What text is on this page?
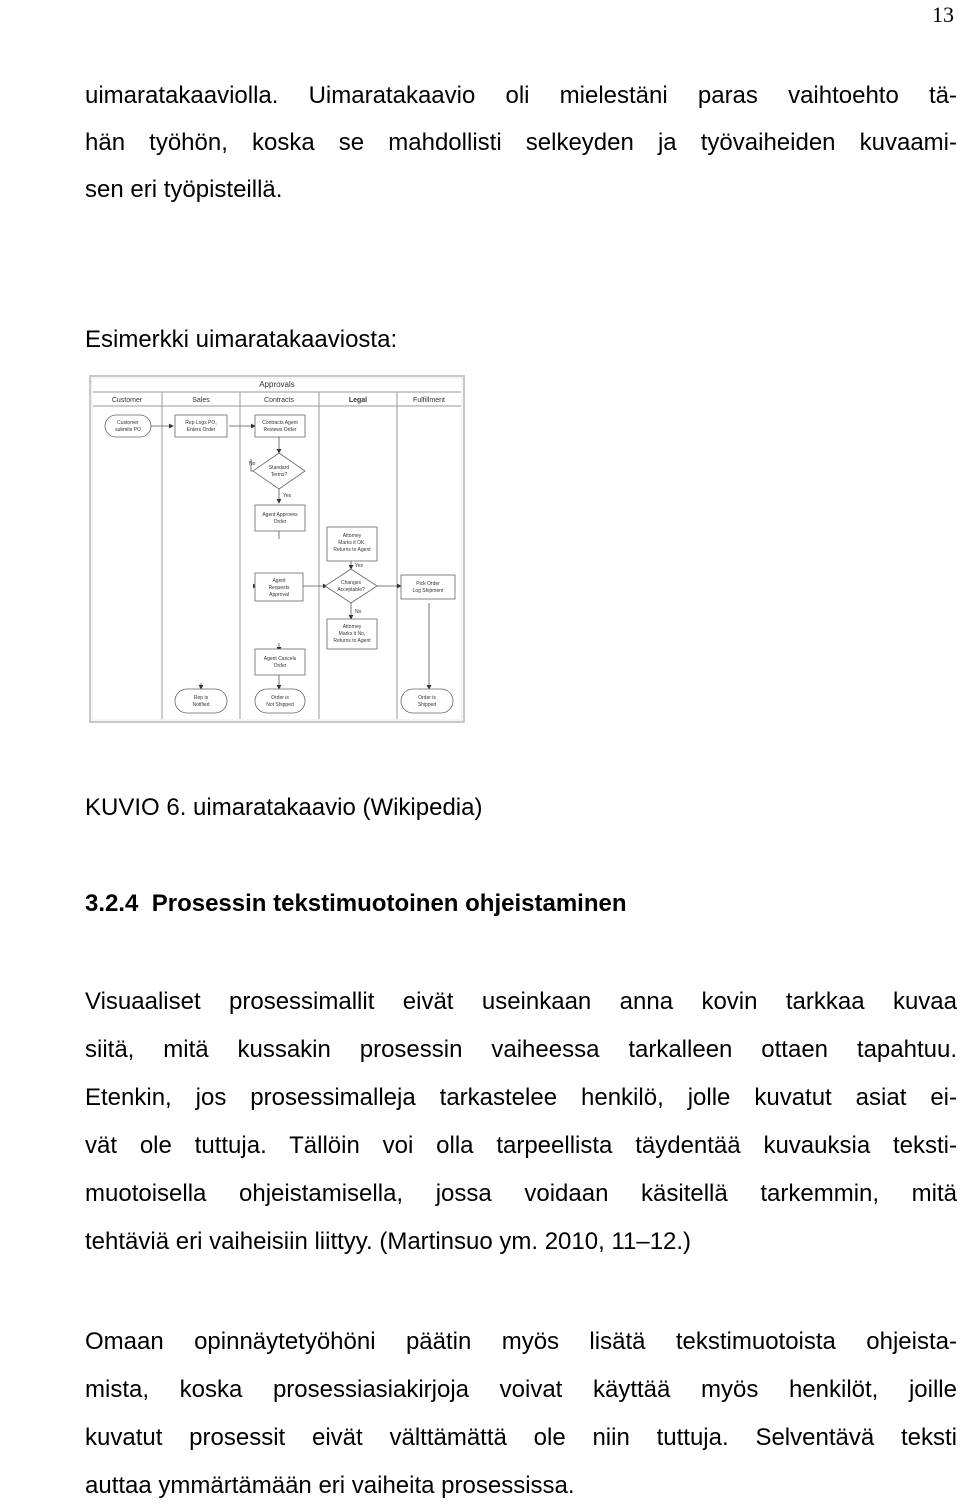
13
uimaratakaaviolla. Uimaratakaavio oli mielestäni paras vaihtoehto tä-
hän työhön, koska se mahdollisti selkeyden ja työvaiheiden kuvaami-
sen eri työpisteillä.
Esimerkki uimaratakaaviosta:
Approvals
Customer	Sales	Contracts	Legal	Fulfillment
Customer
submits PO
Rep Logs PO,
Enters Order
Contracts Agent
Reviews Order
Standard
Terms?
Agent Approves
Order
Attorney
Marks it OK,
Returns to Agent
Agent
Requests
Approval
Changes
Acceptable?
Pick Order
Log Shipment
Attorney
Marks it No,
Returns to Agent
Agent Cancels
Order
Rep is
Notified
Order is
Not Shipped
Order is
Shipped
No
Yes
Yes
No
KUVIO 6. uimaratakaavio (Wikipedia)
3.2.4  Prosessin tekstimuotoinen ohjeistaminen
Visuaaliset prosessimallit eivät useinkaan anna kovin tarkkaa kuvaa
siitä, mitä kussakin prosessin vaiheessa tarkalleen ottaen tapahtuu.
Etenkin, jos prosessimalleja tarkastelee henkilö, jolle kuvatut asiat ei-
vät ole tuttuja. Tällöin voi olla tarpeellista täydentää kuvauksia teksti-
muotoisella ohjeistamisella, jossa voidaan käsitellä tarkemmin, mitä
tehtäviä eri vaiheisiin liittyy. (Martinsuo ym. 2010, 11–12.)
Omaan opinnäytetyöhöni päätin myös lisätä tekstimuotoista ohjeista-
mista, koska prosessiasiakirjoja voivat käyttää myös henkilöt, joille
kuvatut prosessit eivät välttämättä ole niin tuttuja. Selventävä teksti
auttaa ymmärtämään eri vaiheita prosessissa.
